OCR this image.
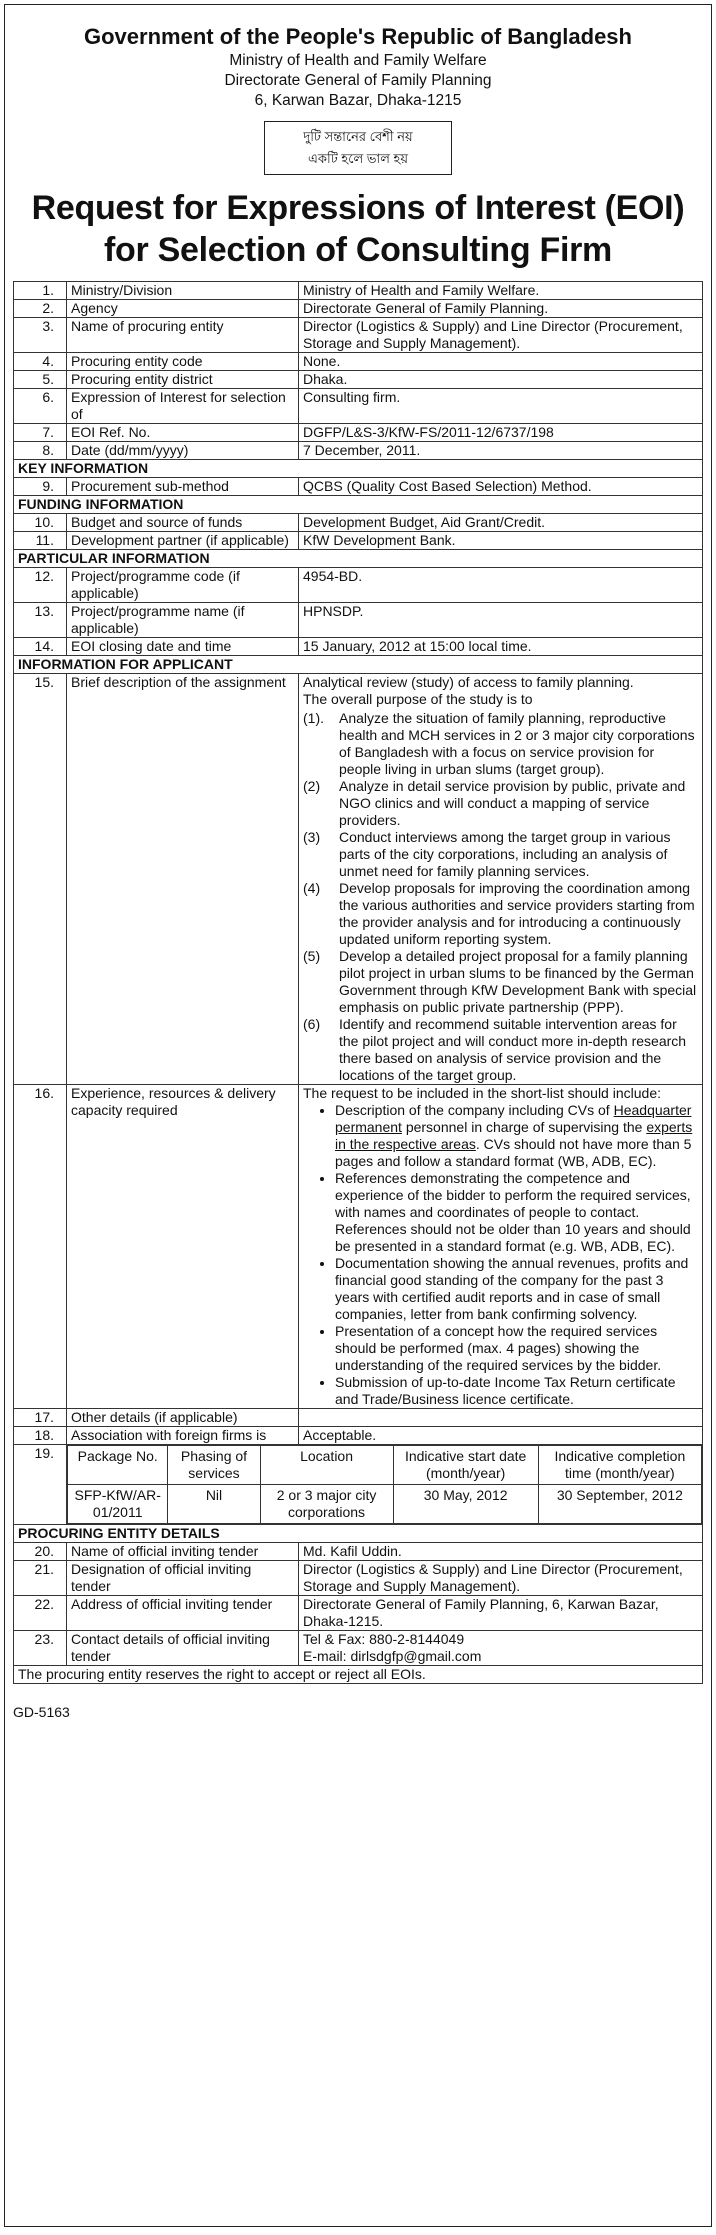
Government of the People's Republic of Bangladesh
Ministry of Health and Family Welfare
Directorate General of Family Planning
6, Karwan Bazar, Dhaka-1215
দুটি সন্তানের বেশী নয়
একটি হলে ভাল হয়
Request for Expressions of Interest (EOI)
for Selection of Consulting Firm
1.	Ministry/Division	Ministry of Health and Family Welfare.
2.	Agency	Directorate General of Family Planning.
3.	Name of procuring entity	Director (Logistics & Supply) and Line Director (Procurement, Storage and Supply Management).
4.	Procuring entity code	None.
5.	Procuring entity district	Dhaka.
6.	Expression of Interest for selection of	Consulting firm.
7.	EOI Ref. No.	DGFP/L&S-3/KfW-FS/2011-12/6737/198
8.	Date (dd/mm/yyyy)	7 December, 2011.
KEY INFORMATION
9.	Procurement sub-method	QCBS (Quality Cost Based Selection) Method.
FUNDING INFORMATION
10.	Budget and source of funds	Development Budget, Aid Grant/Credit.
11.	Development partner (if applicable)	KfW Development Bank.
PARTICULAR INFORMATION
12.	Project/programme code (if applicable)	4954-BD.
13.	Project/programme name (if applicable)	HPNSDP.
14.	EOI closing date and time	15 January, 2012 at 15:00 local time.
INFORMATION FOR APPLICANT
15.	Brief description of the assignment	Analytical review (study) of access to family planning.
The overall purpose of the study is to
(1).	Analyze the situation of family planning, reproductive health and MCH services in 2 or 3 major city corporations of Bangladesh with a focus on service provision for people living in urban slums (target group).
(2)	Analyze in detail service provision by public, private and NGO clinics and will conduct a mapping of service providers.
(3)	Conduct interviews among the target group in various parts of the city corporations, including an analysis of unmet need for family planning services.
(4)	Develop proposals for improving the coordination among the various authorities and service providers starting from the provider analysis and for introducing a continuously updated uniform reporting system.
(5)	Develop a detailed project proposal for a family planning pilot project in urban slums to be financed by the German Government through KfW Development Bank with special emphasis on public private partnership (PPP).
(6)	Identify and recommend suitable intervention areas for the pilot project and will conduct more in-depth research there based on analysis of service provision and the locations of the target group.

16.	Experience, resources & delivery capacity required	
The request to be included in the short-list should include:
• Description of the company including CVs of Headquarter permanent personnel in charge of supervising the experts in the respective areas. CVs should not have more than 5 pages and follow a standard format (WB, ADB, EC).
• References demonstrating the competence and experience of the bidder to perform the required services, with names and coordinates of people to contact. References should not be older than 10 years and should be presented in a standard format (e.g. WB, ADB, EC).
• Documentation showing the annual revenues, profits and financial good standing of the company for the past 3 years with certified audit reports and in case of small companies, letter from bank confirming solvency.
• Presentation of a concept how the required services should be performed (max. 4 pages) showing the understanding of the required services by the bidder.
• Submission of up-to-date Income Tax Return certificate and Trade/Business licence certificate.

17.	Other details (if applicable)	
18.	Association with foreign firms is	Acceptable.
19.	Package No.	Phasing of services	Location	Indicative start date (month/year)	Indicative completion time (month/year)
SFP-KfW/AR-01/2011	Nil	2 or 3 major city corporations	30 May, 2012	30 September, 2012

PROCURING ENTITY DETAILS
20.	Name of official inviting tender	Md. Kafil Uddin.
21.	Designation of official inviting tender	Director (Logistics & Supply) and Line Director (Procurement, Storage and Supply Management).
22.	Address of official inviting tender	Directorate General of Family Planning, 6, Karwan Bazar, Dhaka-1215.
23.	Contact details of official inviting tender	
Tel & Fax: 880-2-8144049
E-mail: dirlsdgfp@gmail.com

The procuring entity reserves the right to accept or reject all EOIs.
GD-5163
